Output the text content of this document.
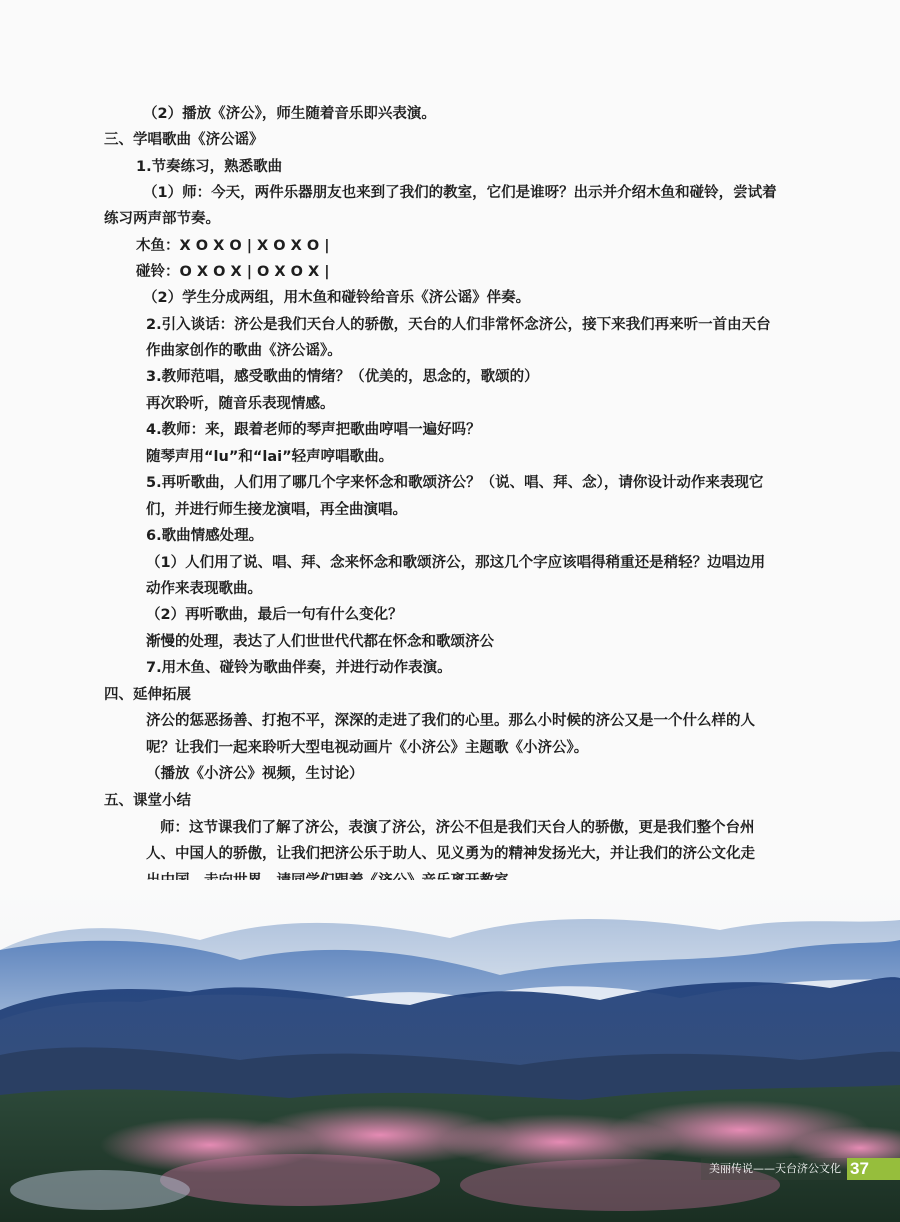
（2）播放《济公》，师生随着音乐即兴表演。

三、学唱歌曲《济公谣》

1.节奏练习，熟悉歌曲

（1）师：今天，两件乐器朋友也来到了我们的教室，它们是谁呀？出示并介绍木鱼和碰铃，尝试着

练习两声部节奏。

木鱼：X O X O | X O X O |

碰铃：O X O X | O X O X |

（2）学生分成两组，用木鱼和碰铃给音乐《济公谣》伴奏。

2.引入谈话：济公是我们天台人的骄傲，天台的人们非常怀念济公，接下来我们再来听一首由天台

作曲家创作的歌曲《济公谣》。

3.教师范唱，感受歌曲的情绪？（优美的，思念的，歌颂的）

再次聆听，随音乐表现情感。

4.教师：来，跟着老师的琴声把歌曲哼唱一遍好吗？

随琴声用“lu”和“lai”轻声哼唱歌曲。

5.再听歌曲，人们用了哪几个字来怀念和歌颂济公？（说、唱、拜、念），请你设计动作来表现它

们，并进行师生接龙演唱，再全曲演唱。

6.歌曲情感处理。

（1）人们用了说、唱、拜、念来怀念和歌颂济公，那这几个字应该唱得稍重还是稍轻？边唱边用

动作来表现歌曲。

（2）再听歌曲，最后一句有什么变化？

渐慢的处理，表达了人们世世代代都在怀念和歌颂济公

7.用木鱼、碰铃为歌曲伴奏，并进行动作表演。

四、延伸拓展

济公的惩恶扬善、打抱不平，深深的走进了我们的心里。那么小时候的济公又是一个什么样的人

呢？让我们一起来聆听大型电视动画片《小济公》主题歌《小济公》。

（播放《小济公》视频，生讨论）

五、课堂小结

师：这节课我们了解了济公，表演了济公，济公不但是我们天台人的骄傲，更是我们整个台州

人、中国人的骄傲，让我们把济公乐于助人、见义勇为的精神发扬光大，并让我们的济公文化走

美丽传说——天台济公文化 37
